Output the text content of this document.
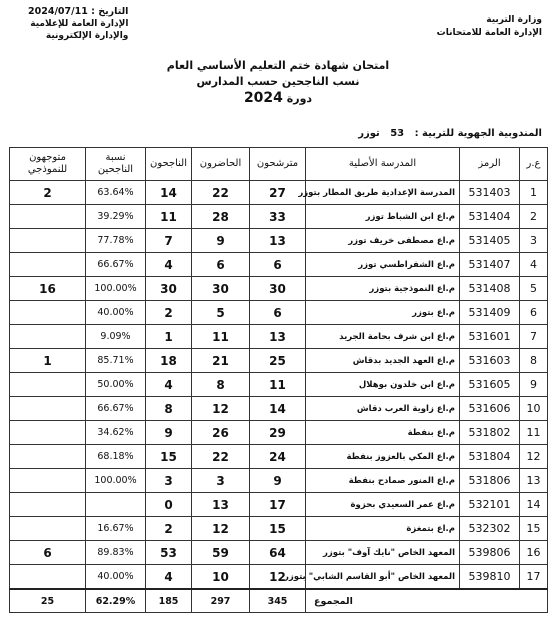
وزارة التربية
الإدارة العامة للامتحانات
التاريخ : 2024/07/11
الإدارة العامة للإعلامية
والإدارة الإلكترونية
امتحان شهادة ختم التعليم الأساسي العام
نسب الناجحين حسب المدارس
دورة 2024
المندوبية الجهوية للتربية :   53   توزر
ع.ر	الرمز	المدرسة الأصلية	مترشحون	الحاضرون	الناجحون	نسبة
الناجحين	متوجهون
للنموذجي
1	531403	المدرسة الإعدادية طريق المطار بتوزر	27	22	14	63.64%	2
2	531404	م.اع ابن الشباط توزر	33	28	11	39.29%	
3	531405	م.اع مصطفى خريف توزر	13	9	7	77.78%	
4	531407	م.اع الشفراطسي توزر	6	6	4	66.67%	
5	531408	م.اع النموذجية بتوزر	30	30	30	100.00%	16
6	531409	م.اع بتوزر	6	5	2	40.00%	
7	531601	م.اع ابن شرف بحامة الجريد	13	11	1	9.09%	
8	531603	م.اع العهد الجديد بدقاش	25	21	18	85.71%	1
9	531605	م.اع ابن خلدون بوهلال	11	8	4	50.00%	
10	531606	م.اع زاوية العرب دقاش	14	12	8	66.67%	
11	531802	م.اع بنفطة	29	26	9	34.62%	
12	531804	م.اع المكي بالعزوز بنفطة	24	22	15	68.18%	
13	531806	م.اع المنور صمادح بنفطة	9	3	3	100.00%	
14	532101	م.اع عمر السعيدي بحزوة	17	13	0		
15	532302	م.اع بتمغزة	15	12	2	16.67%	
16	539806	المعهد الخاص "نايك آوف" بتوزر	64	59	53	89.83%	6
17	539810	المعهد الخاص "أبو القاسم الشابي" بتوزر	12	10	4	40.00%	
المجموع			345	297	185	62.29%	25
